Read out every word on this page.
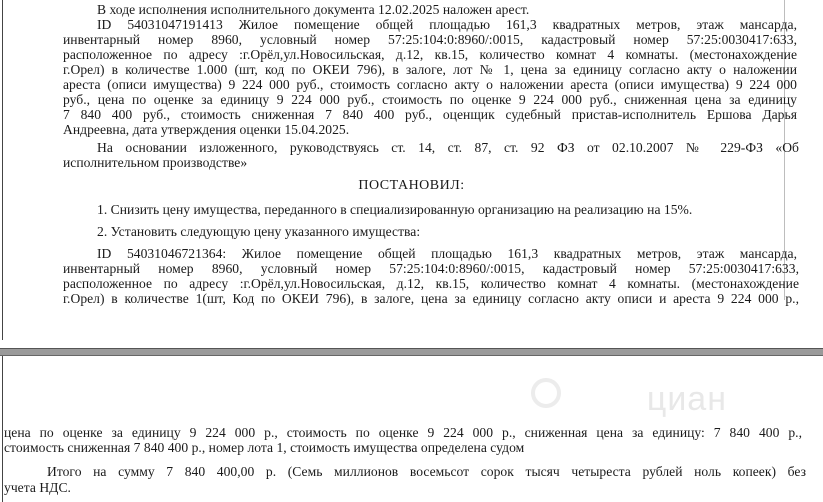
В ходе исполнения исполнительного документа 12.02.2025 наложен арест.
ID 54031047191413 Жилое помещение общей площадью 161,3 квадратных метров, этаж мансарда,
инвентарный номер 8960, условный номер 57:25:104:0:8960/:0015, кадастровый номер 57:25:0030417:633,
расположенное по адресу :г.Орёл,ул.Новосильская, д.12, кв.15, количество комнат 4 комнаты. (местонахождение
г.Орел) в количестве 1.000 (шт, код по ОКЕИ 796), в залоге, лот № 1, цена за единицу согласно акту о наложении
ареста (описи имущества) 9 224 000 руб., стоимость согласно акту о наложении ареста (описи имущества) 9 224 000
руб., цена по оценке за единицу 9 224 000 руб., стоимость по оценке 9 224 000 руб., сниженная цена за единицу
7 840 400 руб., стоимость сниженная 7 840 400 руб., оценщик судебный пристав-исполнитель Ершова Дарья
Андреевна, дата утверждения оценки 15.04.2025.
На основании изложенного, руководствуясь ст. 14, ст. 87, ст. 92 ФЗ от 02.10.2007 № 229-ФЗ «Об
исполнительном производстве»
ПОСТАНОВИЛ:
1. Снизить цену имущества, переданного в специализированную организацию на реализацию на 15%.
2. Установить следующую цену указанного имущества:
ID 54031046721364: Жилое помещение общей площадью 161,3 квадратных метров, этаж мансарда,
инвентарный номер 8960, условный номер 57:25:104:0:8960/:0015, кадастровый номер 57:25:0030417:633,
расположенное по адресу :г.Орёл,ул.Новосильская, д.12, кв.15, количество комнат 4 комнаты. (местонахождение
г.Орел) в количестве 1(шт, Код по ОКЕИ 796), в залоге, цена за единицу согласно акту описи и ареста 9 224 000 р.,
циан
цена по оценке за единицу 9 224 000 р., стоимость по оценке 9 224 000 р., сниженная цена за единицу: 7 840 400 р.,
стоимость сниженная 7 840 400 р., номер лота 1, стоимость имущества определена судом
Итого на сумму 7 840 400,00 р. (Семь миллионов восемьсот сорок тысяч четыреста рублей ноль копеек) без
учета НДС.
